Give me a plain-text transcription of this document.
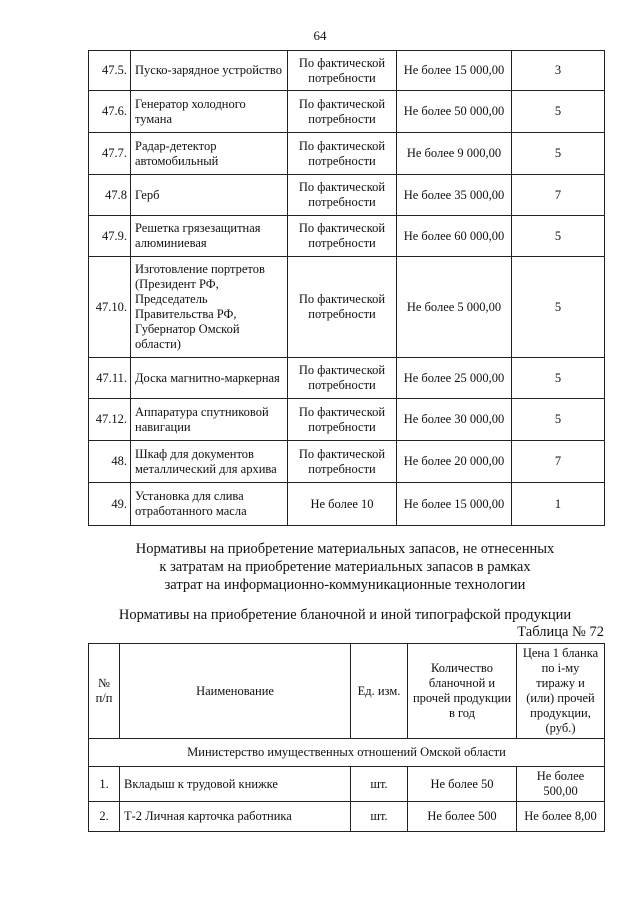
64
47.5.	Пуско-зарядное устройство	По фактической потребности	Не более 15 000,00	3
47.6.	Генератор холодного тумана	По фактической потребности	Не более 50 000,00	5
47.7.	Радар-детектор автомобильный	По фактической потребности	Не более 9 000,00	5
47.8	Герб	По фактической потребности	Не более 35 000,00	7
47.9.	Решетка грязезащитная алюминиевая	По фактической потребности	Не более 60 000,00	5
47.10.	Изготовление портретов (Президент РФ, Председатель Правительства РФ, Губернатор Омской области)	По фактической потребности	Не более 5 000,00	5
47.11.	Доска магнитно-маркерная	По фактической потребности	Не более 25 000,00	5
47.12.	Аппаратура спутниковой навигации	По фактической потребности	Не более 30 000,00	5
48.	Шкаф для документов металлический для архива	По фактической потребности	Не более 20 000,00	7
49.	Установка для слива отработанного масла	Не более 10	Не более 15 000,00	1
Нормативы на приобретение материальных запасов, не отнесенных
к затратам на приобретение материальных запасов в рамках
затрат на информационно-коммуникационные технологии
Нормативы на приобретение бланочной и иной типографской продукции
Таблица № 72
№ п/п	Наименование	Ед. изм.	Количество бланочной и прочей продукции в год	Цена 1 бланка по i-му тиражу и (или) прочей продукции, (руб.)
Министерство имущественных отношений Омской области				
1.	Вкладыш к трудовой книжке	шт.	Не более 50	Не более 500,00
2.	Т-2 Личная карточка работника	шт.	Не более 500	Не более 8,00
